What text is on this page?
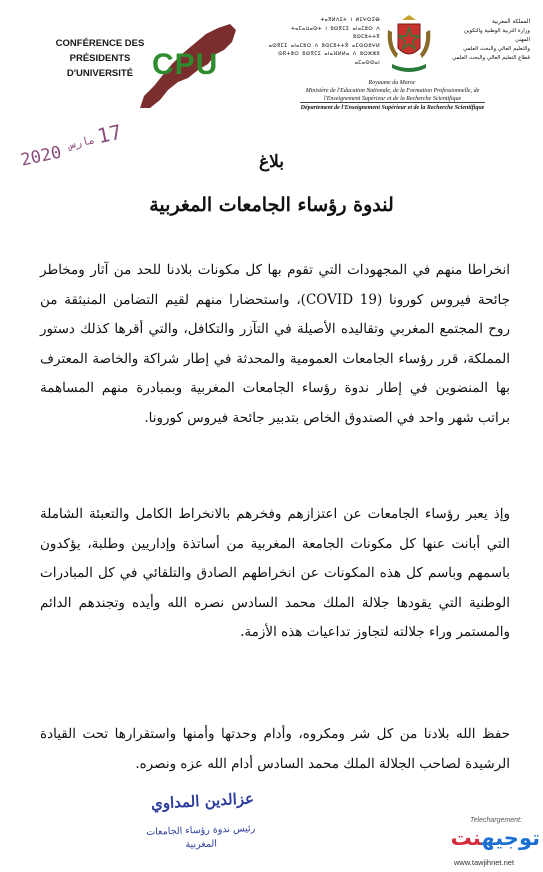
CONFÉRENCE DES PRÉSIDENTS
D'UNIVERSITÉ CPU
ⵜⴰⴳⵍⴷⵉⵜ ⵏ ⵍⵎⵖⵔⵉⴱ
ⵜⴰⵎⴰⵡⴰⵙⵜ ⵏ ⵓⵙⴳⵎⵉ ⴰⵏⴰⵎⵓⵔ ⴷ ⵓⵙⵎⵓⵜⵜⴳ
ⴰⵙⴳⵎⵉ ⴰⵏⴰⵎⵓⵔ ⴷ ⵓⵙⵎⵓⵜⵜⴳ ⴰⵎⵙⵙⵓⵖⵍ
ⵙⴽⵜⵓⵔ ⵓⵙⴳⵎⵉ ⴰⵏⴰⴼⵍⵍⴰ ⴷ ⵓⵔⵣⵣⵓ ⴰⵎⴰⵙⵙⴰⵏ
المملكة المغربية
وزارة التربية الوطنية والتكوين المهني
والتعليم العالي والبحث العلمي
قطاع التعليم العالي والبحث العلمي
Royaume du Maroc
Ministère de l'Education Nationale, de la Formation Professionnelle, de l'Enseignement Supérieur et de la Recherche Scientifique
Département de l'Enseignement Supérieur et de la Recherche Scientifique
2020
مارس 17
بلاغ
لندوة رؤساء الجامعات المغربية
انخراطا منهم في المجهودات التي تقوم بها كل مكونات بلادنا للحد من آثار ومخاطر جائحة فيروس كورونا (COVID 19)، واستحضارا منهم لقيم التضامن المنبثقة من روح المجتمع المغربي وتقاليده الأصيلة في التآزر والتكافل، والتي أقرها كذلك دستور المملكة، قرر رؤساء الجامعات العمومية والمحدثة في إطار شراكة والخاصة المعترف بها المنضوين في إطار ندوة رؤساء الجامعات المغربية وبمبادرة منهم المساهمة براتب شهر واحد في الصندوق الخاص بتدبير جائحة فيروس كورونا.
وإذ يعبر رؤساء الجامعات عن اعتزازهم وفخرهم بالانخراط الكامل والتعبئة الشاملة التي أبانت عنها كل مكونات الجامعة المغربية من أساتذة وإداريين وطلبة، يؤكدون باسمهم وباسم كل هذه المكونات عن انخراطهم الصادق والتلقائي في كل المبادرات الوطنية التي يقودها جلالة الملك محمد السادس نصره الله وأيده وتجندهم الدائم والمستمر وراء جلالته لتجاوز تداعيات هذه الأزمة.
حفظ الله بلادنا من كل شر ومكروه، وأدام وحدتها وأمنها واستقرارها تحت القيادة الرشيدة لصاحب الجلالة الملك محمد السادس أدام الله عزه ونصره.
عزالدين المداوي
رئيس ندوة رؤساء الجامعات
المغربية
Telechargement:
توجيهنت
www.tawjihnet.net
